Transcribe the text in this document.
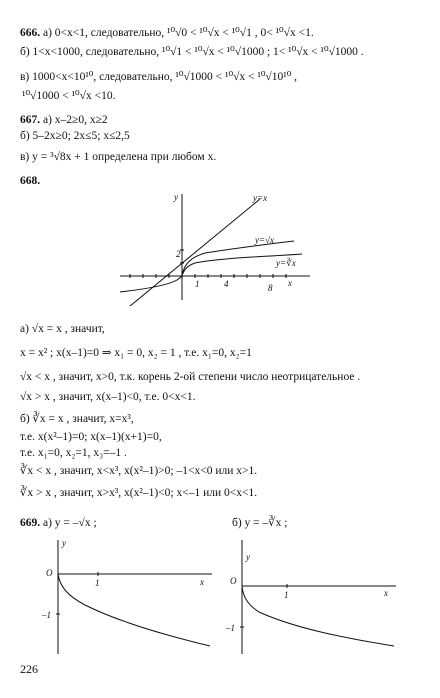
666. а) 0<x<1, следовательно, ¹⁰√0 < ¹⁰√x < ¹⁰√1 , 0< ¹⁰√x <1.
б) 1<x<1000, следовательно, ¹⁰√1 < ¹⁰√x < ¹⁰√1000 ; 1< ¹⁰√x < ¹⁰√1000 .
в) 1000<x<10¹⁰, следовательно, ¹⁰√1000 < ¹⁰√x < ¹⁰√10¹⁰ ,
¹⁰√1000 < ¹⁰√x <10.
667. а) x–2≥0, x≥2
б) 5–2x≥0; 2x≤5; x≤2,5
в) y = ³√8x + 1 определена при любом x.
668.
y	y=x
y=√x
y=∛x
2
1	4	8 x
а) √x = x , значит,
x = x² ; x(x–1)=0 ⇒ x₁ = 0, x₂ = 1 , т.е. x₁=0, x₂=1
√x < x , значит, x>0, т.к. корень 2-ой степени число неотрицательное .
√x > x , значит, x(x–1)<0, т.е. 0<x<1.
б) ∛x = x , значит, x=x³,
т.е. x(x²–1)=0; x(x–1)(x+1)=0,
т.е. x₁=0, x₂=1, x₃=–1 .
∛x < x , значит, x<x³, x(x²–1)>0; –1<x<0 или x>1.
∛x > x , значит, x>x³, x(x²–1)<0; x<–1 или 0<x<1.
669. а) y = –√x ;	б) y = –∛x ;
y
O
1
–1
x
y
O
1
–1
x
226
